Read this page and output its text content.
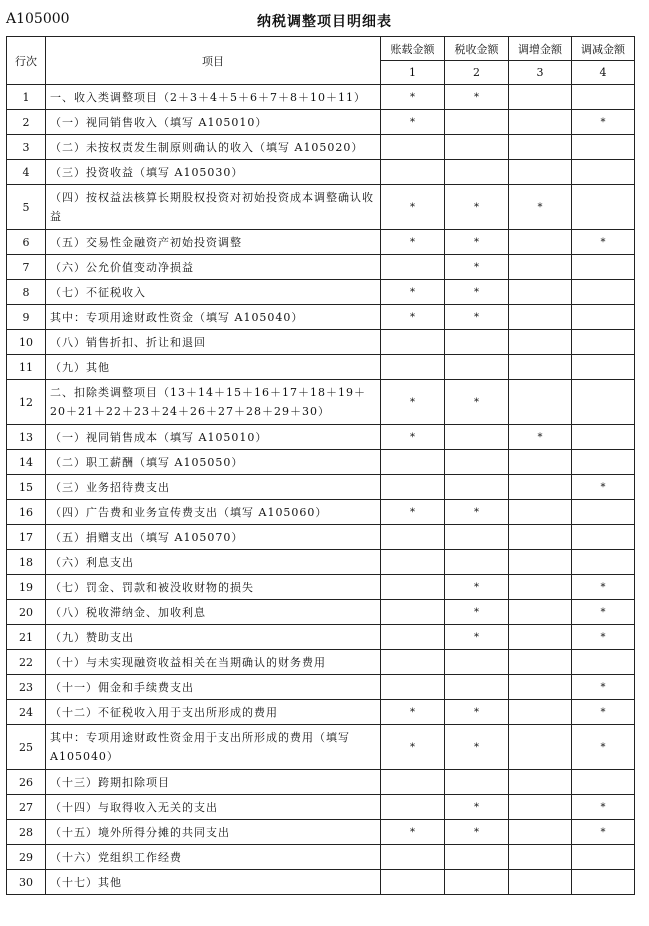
A105000	纳税调整项目明细表
行次	项目	账载金额	税收金额	调增金额	调减金额
		1	2	3	4
1	一、收入类调整项目（2＋3＋4＋5＋6＋7＋8＋10＋11）	*	*		
2	（一）视同销售收入（填写 A105010）	*			*
3	（二）未按权责发生制原则确认的收入（填写 A105020）				
4	（三）投资收益（填写 A105030）				
5	（四）按权益法核算长期股权投资对初始投资成本调整确认收益	*	*	*	
6	（五）交易性金融资产初始投资调整	*	*		*
7	（六）公允价值变动净损益		*		
8	（七）不征税收入	*	*		
9	其中：专项用途财政性资金（填写 A105040）	*	*		
10	（八）销售折扣、折让和退回				
11	（九）其他				
12	二、扣除类调整项目（13＋14＋15＋16＋17＋18＋19＋20＋21＋22＋23＋24＋26＋27＋28＋29＋30）	*	*		
13	（一）视同销售成本（填写 A105010）	*		*	
14	（二）职工薪酬（填写 A105050）				
15	（三）业务招待费支出				*
16	（四）广告费和业务宣传费支出（填写 A105060）	*	*		
17	（五）捐赠支出（填写 A105070）				
18	（六）利息支出				
19	（七）罚金、罚款和被没收财物的损失		*		*
20	（八）税收滞纳金、加收利息		*		*
21	（九）赞助支出		*		*
22	（十）与未实现融资收益相关在当期确认的财务费用				
23	（十一）佣金和手续费支出				*
24	（十二）不征税收入用于支出所形成的费用	*	*		*
25	其中：专项用途财政性资金用于支出所形成的费用（填写A105040）	*	*		*
26	（十三）跨期扣除项目				
27	（十四）与取得收入无关的支出		*		*
28	（十五）境外所得分摊的共同支出	*	*		*
29	（十六）党组织工作经费				
30	（十七）其他				
